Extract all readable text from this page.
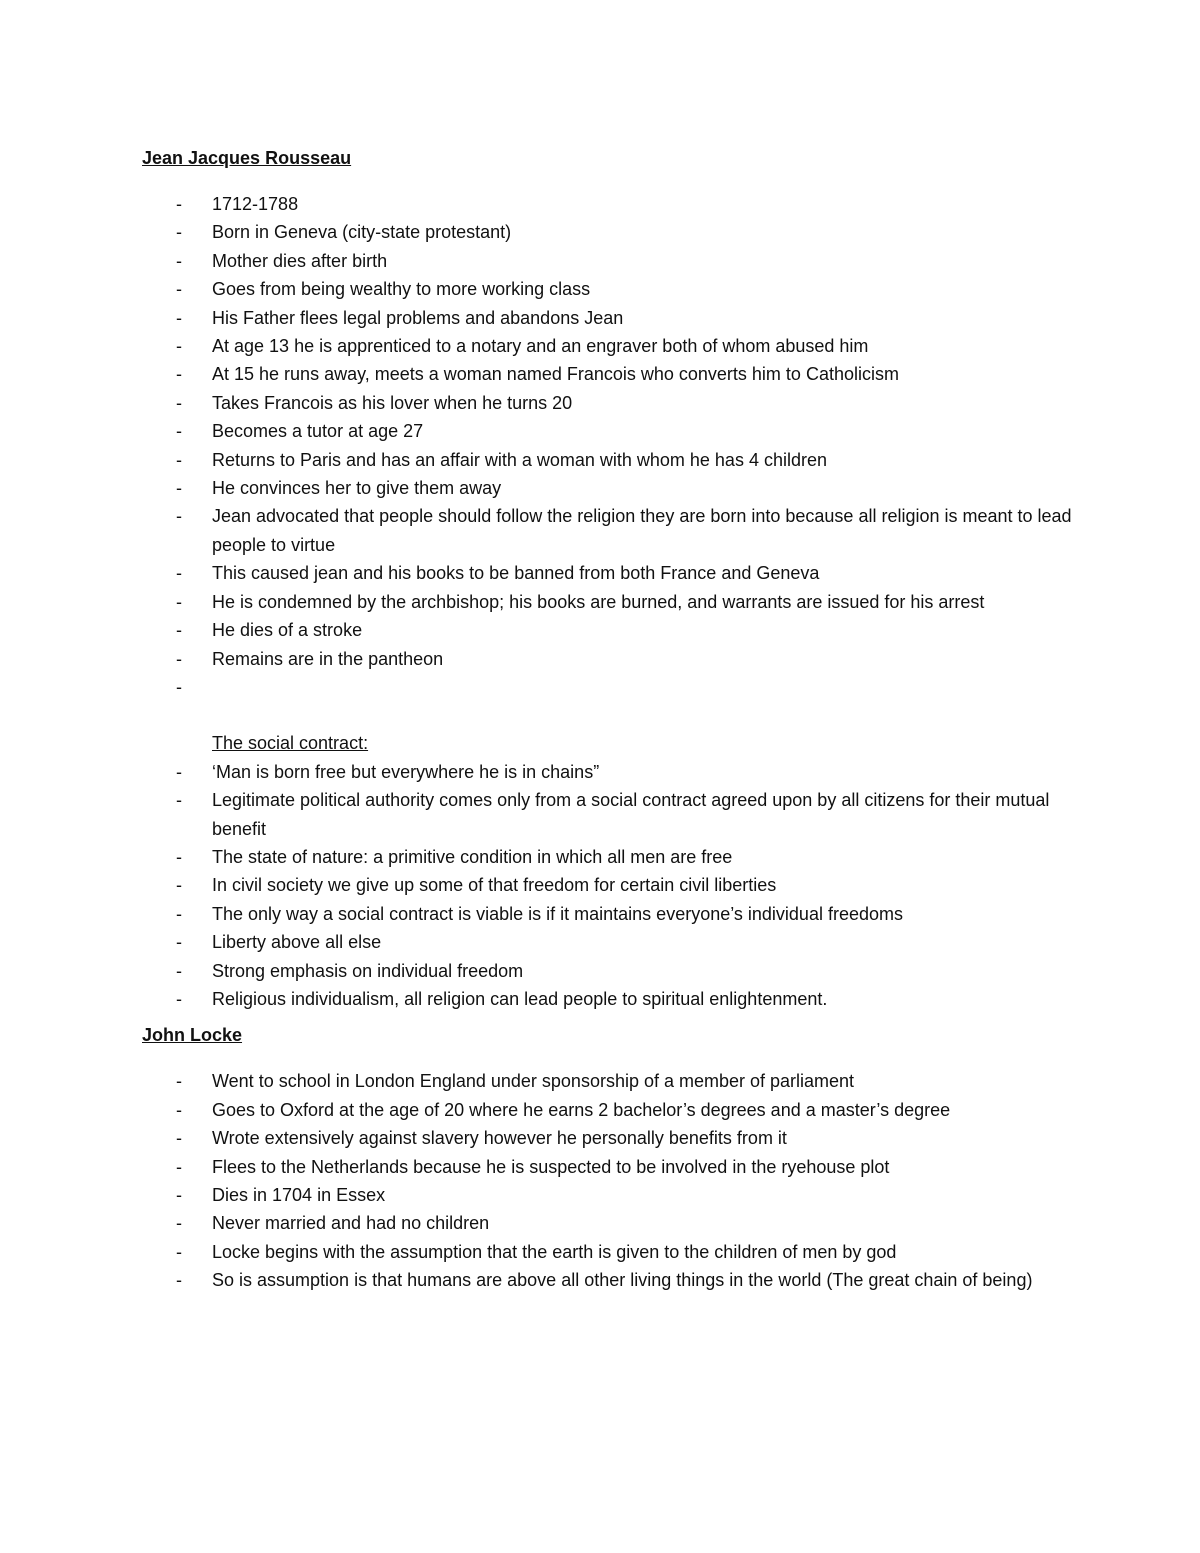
Jean Jacques Rousseau
- 1712-1788
- Born in Geneva (city-state protestant)
- Mother dies after birth
- Goes from being wealthy to more working class
- His Father flees legal problems and abandons Jean
- At age 13 he is apprenticed to a notary and an engraver both of whom abused him
- At 15 he runs away, meets a woman named Francois who converts him to Catholicism
- Takes Francois as his lover when he turns 20
- Becomes a tutor at age 27
- Returns to Paris and has an affair with a woman with whom he has 4 children
- He convinces her to give them away
- Jean advocated that people should follow the religion they are born into because all religion is meant to lead people to virtue
- This caused jean and his books to be banned from both France and Geneva
- He is condemned by the archbishop; his books are burned, and warrants are issued for his arrest
- He dies of a stroke
- Remains are in the pantheon
-

The social contract:
- ‘Man is born free but everywhere he is in chains”
- Legitimate political authority comes only from a social contract agreed upon by all citizens for their mutual benefit
- The state of nature: a primitive condition in which all men are free
- In civil society we give up some of that freedom for certain civil liberties
- The only way a social contract is viable is if it maintains everyone’s individual freedoms
- Liberty above all else
- Strong emphasis on individual freedom
- Religious individualism, all religion can lead people to spiritual enlightenment.
John Locke
- Went to school in London England under sponsorship of a member of parliament
- Goes to Oxford at the age of 20 where he earns 2 bachelor’s degrees and a master’s degree
- Wrote extensively against slavery however he personally benefits from it
- Flees to the Netherlands because he is suspected to be involved in the ryehouse plot
- Dies in 1704 in Essex
- Never married and had no children
- Locke begins with the assumption that the earth is given to the children of men by god
- So is assumption is that humans are above all other living things in the world (The great chain of being)
